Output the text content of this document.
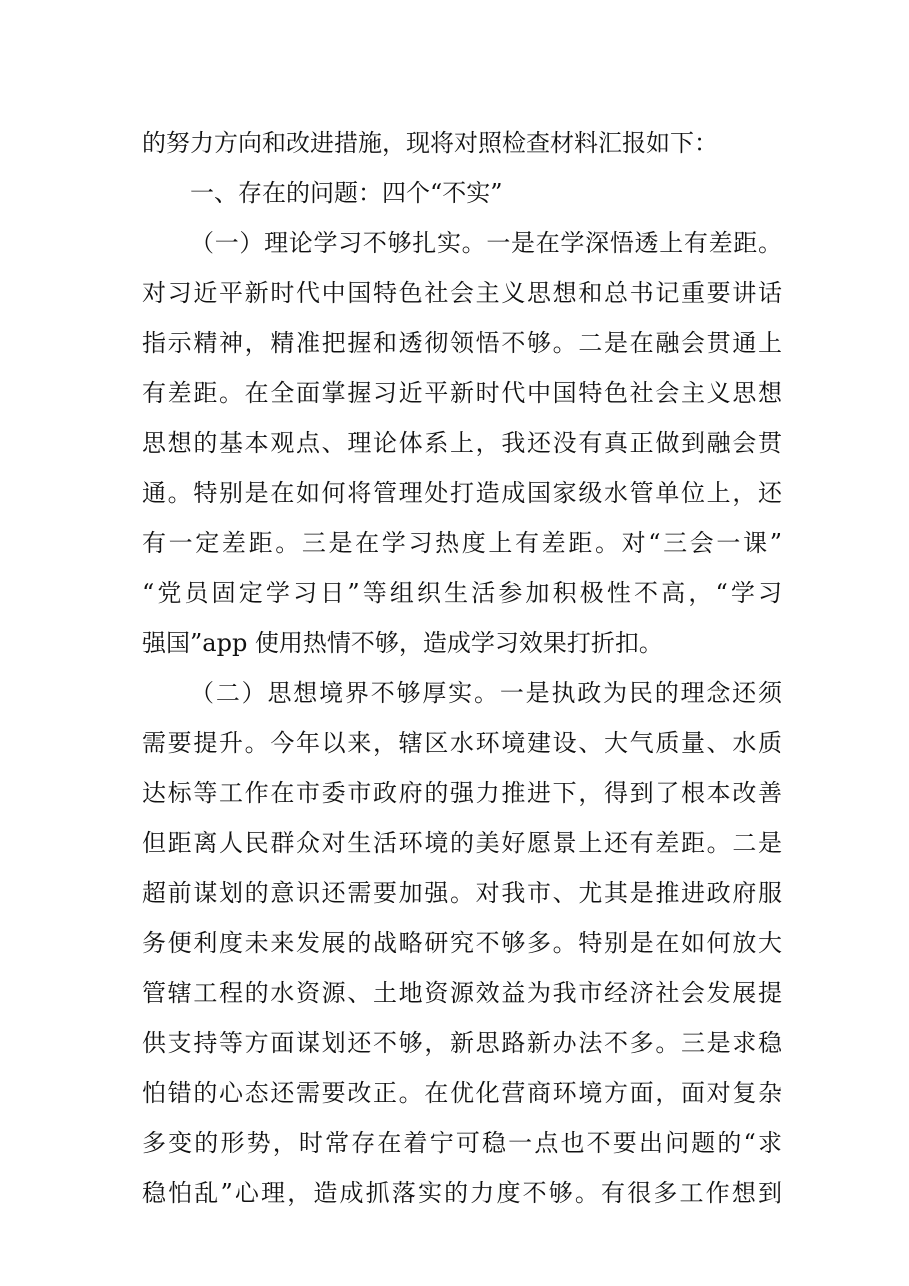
的努力方向和改进措施，现将对照检查材料汇报如下：
一、存在的问题：四个“不实”
（一）理论学习不够扎实。一是在学深悟透上有差距。
对习近平新时代中国特色社会主义思想和总书记重要讲话
指示精神，精准把握和透彻领悟不够。二是在融会贯通上
有差距。在全面掌握习近平新时代中国特色社会主义思想
思想的基本观点、理论体系上，我还没有真正做到融会贯
通。特别是在如何将管理处打造成国家级水管单位上，还
有一定差距。三是在学习热度上有差距。对“三会一课”
“党员固定学习日”等组织生活参加积极性不高，“学习
强国”app 使用热情不够，造成学习效果打折扣。
（二）思想境界不够厚实。一是执政为民的理念还须
需要提升。今年以来，辖区水环境建设、大气质量、水质
达标等工作在市委市政府的强力推进下，得到了根本改善
但距离人民群众对生活环境的美好愿景上还有差距。二是
超前谋划的意识还需要加强。对我市、尤其是推进政府服
务便利度未来发展的战略研究不够多。特别是在如何放大
管辖工程的水资源、土地资源效益为我市经济社会发展提
供支持等方面谋划还不够，新思路新办法不多。三是求稳
怕错的心态还需要改正。在优化营商环境方面，面对复杂
多变的形势，时常存在着宁可稳一点也不要出问题的“求
稳怕乱”心理，造成抓落实的力度不够。有很多工作想到
